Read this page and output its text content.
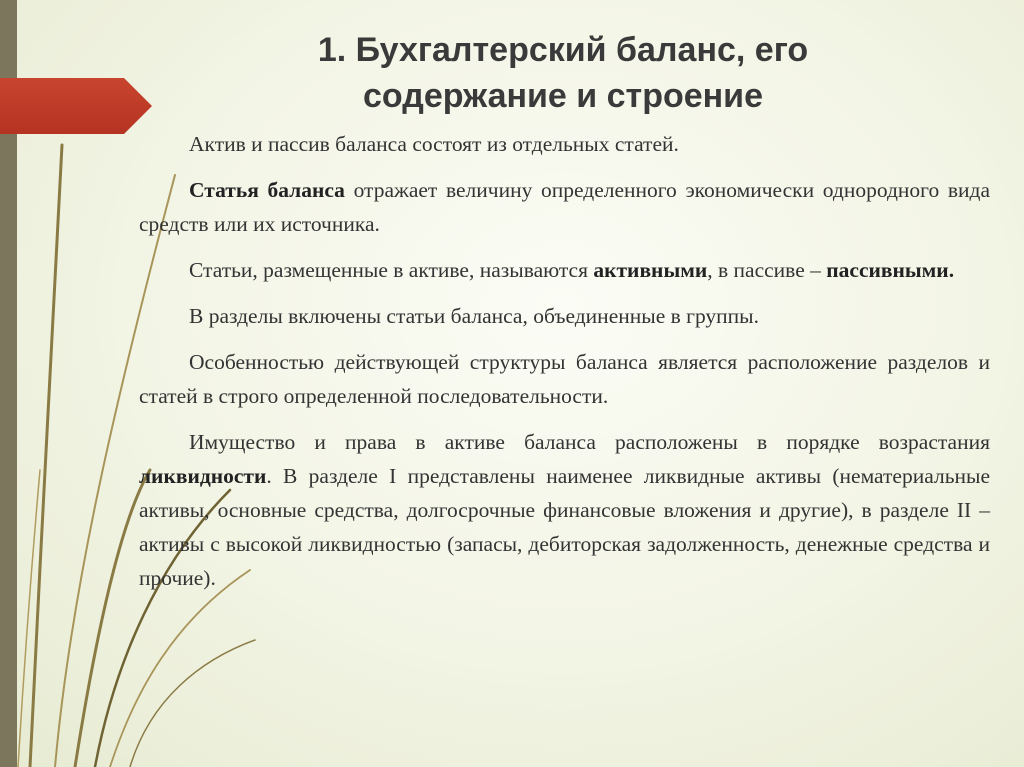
1. Бухгалтерский баланс, его
содержание и строение

Актив и пассив баланса состоят из отдельных статей.

Статья баланса отражает величину определенного экономически однородного вида средств или их источника.

Статьи, размещенные в активе, называются активными, в пассиве – пассивными.

В разделы включены статьи баланса, объединенные в группы.

Особенностью действующей структуры баланса является расположение разделов и статей в строго определенной последовательности.

Имущество и права в активе баланса расположены в порядке возрастания ликвидности. В разделе I представлены наименее ликвидные активы (нематериальные активы, основные средства, долгосрочные финансовые вложения и другие), в разделе II – активы с высокой ликвидностью (запасы, дебиторская задолженность, денежные средства и прочие).
